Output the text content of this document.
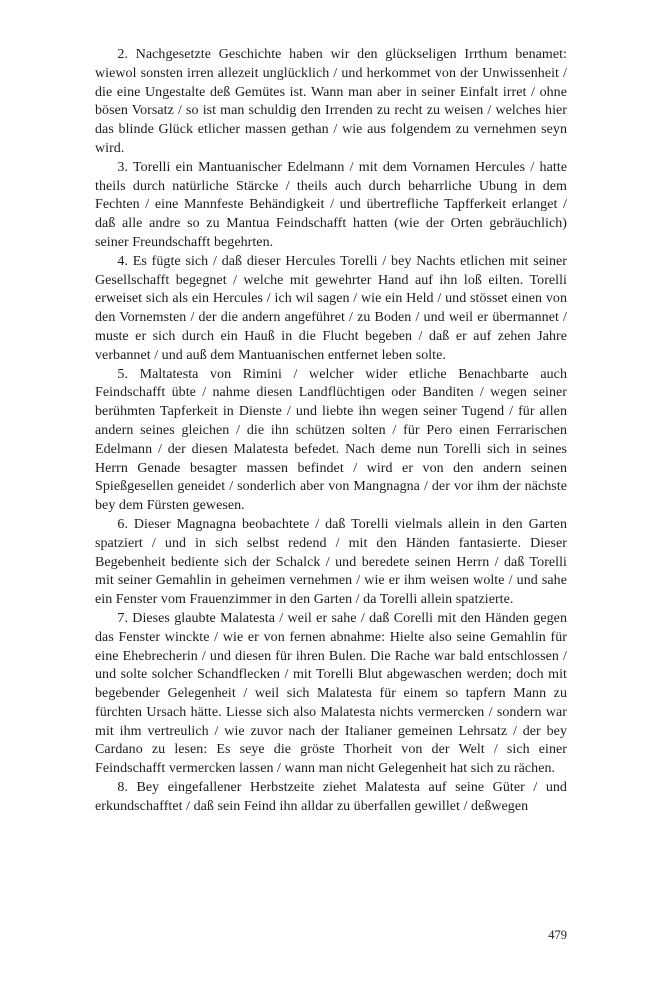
2. Nachgesetzte Geschichte haben wir den glückseligen Irrthum benamet: wiewol sonsten irren allezeit unglücklich / und herkommet von der Unwissenheit / die eine Ungestalte deß Gemütes ist. Wann man aber in seiner Einfalt irret / ohne bösen Vorsatz / so ist man schuldig den Irrenden zu recht zu weisen / welches hier das blinde Glück etlicher massen gethan / wie aus folgendem zu vernehmen seyn wird.

3. Torelli ein Mantuanischer Edelmann / mit dem Vornamen Hercules / hatte theils durch natürliche Stärcke / theils auch durch beharrliche Ubung in dem Fechten / eine Mannfeste Behändigkeit / und übertrefliche Tapfferkeit erlanget / daß alle andre so zu Mantua Feindschafft hatten (wie der Orten gebräuchlich) seiner Freundschafft begehrten.

4. Es fügte sich / daß dieser Hercules Torelli / bey Nachts etlichen mit seiner Gesellschafft begegnet / welche mit gewehrter Hand auf ihn loß eilten. Torelli erweiset sich als ein Hercules / ich wil sagen / wie ein Held / und stösset einen von den Vornemsten / der die andern angeführet / zu Boden / und weil er übermannet / muste er sich durch ein Hauß in die Flucht begeben / daß er auf zehen Jahre verbannet / und auß dem Mantuanischen entfernet leben solte.

5. Maltatesta von Rimini / welcher wider etliche Benachbarte auch Feindschafft übte / nahme diesen Landflüchtigen oder Banditen / wegen seiner berühmten Tapferkeit in Dienste / und liebte ihn wegen seiner Tugend / für allen andern seines gleichen / die ihn schützen solten / für Pero einen Ferrarischen Edelmann / der diesen Malatesta befedet. Nach deme nun Torelli sich in seines Herrn Genade besagter massen befindet / wird er von den andern seinen Spießgesellen geneidet / sonderlich aber von Mangnagna / der vor ihm der nächste bey dem Fürsten gewesen.

6. Dieser Magnagna beobachtete / daß Torelli vielmals allein in den Garten spatziert / und in sich selbst redend / mit den Händen fantasierte. Dieser Begebenheit bediente sich der Schalck / und beredete seinen Herrn / daß Torelli mit seiner Gemahlin in geheimen vernehmen / wie er ihm weisen wolte / und sahe ein Fenster vom Frauenzimmer in den Garten / da Torelli allein spatzierte.

7. Dieses glaubte Malatesta / weil er sahe / daß Corelli mit den Händen gegen das Fenster winckte / wie er von fernen abnahme: Hielte also seine Gemahlin für eine Ehebrecherin / und diesen für ihren Bulen. Die Rache war bald entschlossen / und solte solcher Schandflecken / mit Torelli Blut abgewaschen werden; doch mit begebender Gelegenheit / weil sich Malatesta für einem so tapfern Mann zu fürchten Ursach hätte. Liesse sich also Malatesta nichts vermercken / sondern war mit ihm vertreulich / wie zuvor nach der Italianer gemeinen Lehrsatz / der bey Cardano zu lesen: Es seye die gröste Thorheit von der Welt / sich einer Feindschafft vermercken lassen / wann man nicht Gelegenheit hat sich zu rächen.

8. Bey eingefallener Herbstzeite ziehet Malatesta auf seine Güter / und erkundschafftet / daß sein Feind ihn alldar zu überfallen gewillet / deßwegen

479
